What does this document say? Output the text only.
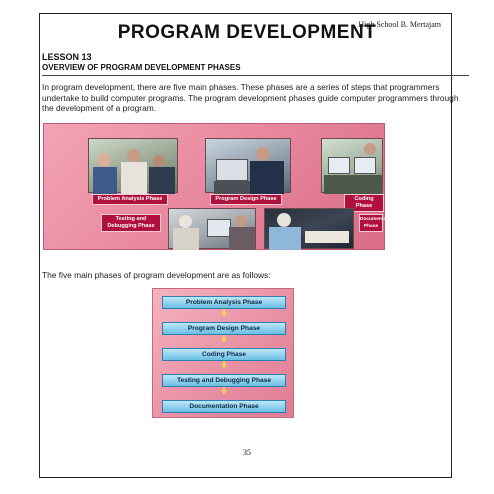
High School B. Mertajam
PROGRAM DEVELOPMENT
LESSON 13
OVERVIEW OF PROGRAM DEVELOPMENT PHASES
In program development, there are five main phases. These phases are a series of steps that programmers undertake to build computer programs. The program development phases guide computer programmers through the development of a program.
Problem Analysis Phase	Program Design Phase	Coding Phase
Testing and Debugging Phase
Documentation Phase
The five main phases of program development are as follows:
Problem Analysis Phase
Program Design Phase
Coding Phase
Testing and Debugging Phase
Documentation Phase
35
